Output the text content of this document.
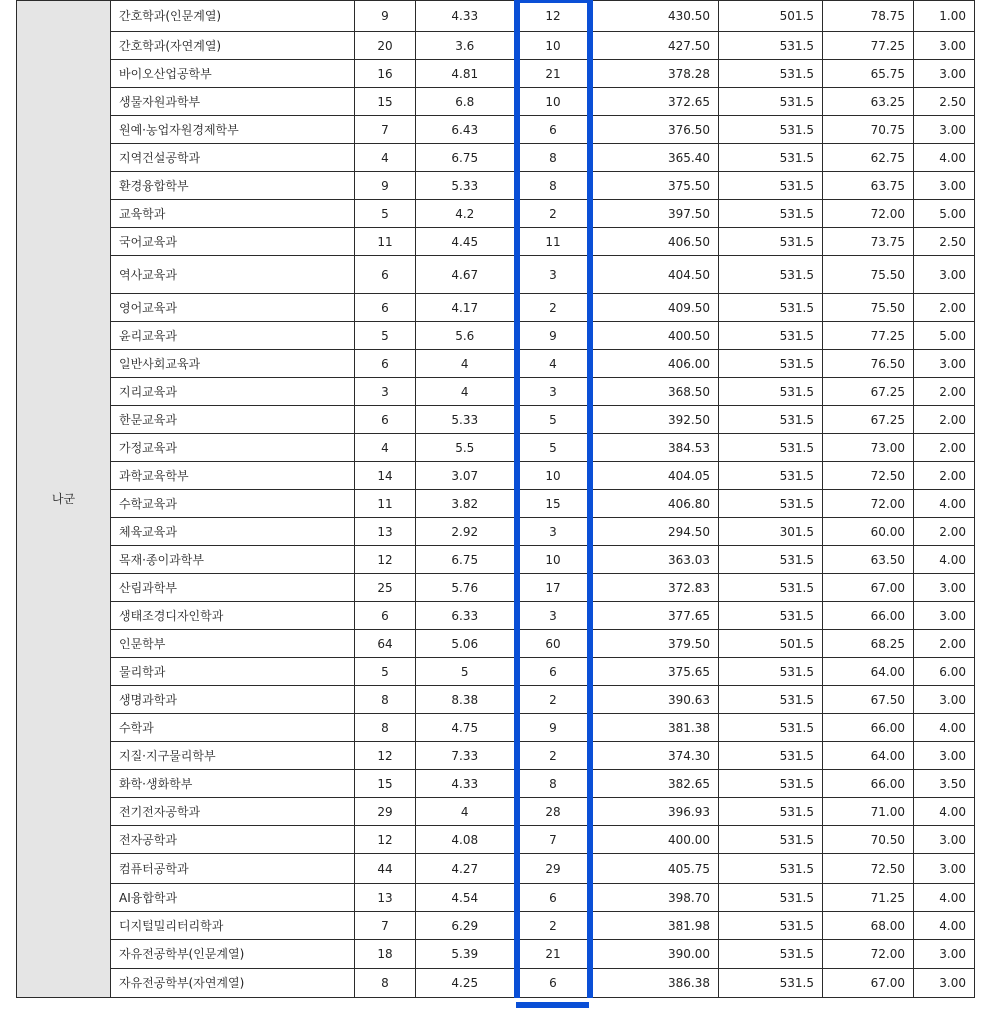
나군	간호학과(인문계열)	9	4.33	12	430.50	501.5	78.75	1.00
	간호학과(자연계열)	20	3.6	10	427.50	531.5	77.25	3.00
	바이오산업공학부	16	4.81	21	378.28	531.5	65.75	3.00
	생물자원과학부	15	6.8	10	372.65	531.5	63.25	2.50
	원예·농업자원경제학부	7	6.43	6	376.50	531.5	70.75	3.00
	지역건설공학과	4	6.75	8	365.40	531.5	62.75	4.00
	환경융합학부	9	5.33	8	375.50	531.5	63.75	3.00
	교육학과	5	4.2	2	397.50	531.5	72.00	5.00
	국어교육과	11	4.45	11	406.50	531.5	73.75	2.50
	역사교육과	6	4.67	3	404.50	531.5	75.50	3.00
	영어교육과	6	4.17	2	409.50	531.5	75.50	2.00
	윤리교육과	5	5.6	9	400.50	531.5	77.25	5.00
	일반사회교육과	6	4	4	406.00	531.5	76.50	3.00
	지리교육과	3	4	3	368.50	531.5	67.25	2.00
	한문교육과	6	5.33	5	392.50	531.5	67.25	2.00
	가정교육과	4	5.5	5	384.53	531.5	73.00	2.00
	과학교육학부	14	3.07	10	404.05	531.5	72.50	2.00
	수학교육과	11	3.82	15	406.80	531.5	72.00	4.00
	체육교육과	13	2.92	3	294.50	301.5	60.00	2.00
	목재·종이과학부	12	6.75	10	363.03	531.5	63.50	4.00
	산림과학부	25	5.76	17	372.83	531.5	67.00	3.00
	생태조경디자인학과	6	6.33	3	377.65	531.5	66.00	3.00
	인문학부	64	5.06	60	379.50	501.5	68.25	2.00
	물리학과	5	5	6	375.65	531.5	64.00	6.00
	생명과학과	8	8.38	2	390.63	531.5	67.50	3.00
	수학과	8	4.75	9	381.38	531.5	66.00	4.00
	지질·지구물리학부	12	7.33	2	374.30	531.5	64.00	3.00
	화학·생화학부	15	4.33	8	382.65	531.5	66.00	3.50
	전기전자공학과	29	4	28	396.93	531.5	71.00	4.00
	전자공학과	12	4.08	7	400.00	531.5	70.50	3.00
	컴퓨터공학과	44	4.27	29	405.75	531.5	72.50	3.00
	AI융합학과	13	4.54	6	398.70	531.5	71.25	4.00
	디지털밀리터리학과	7	6.29	2	381.98	531.5	68.00	4.00
	자유전공학부(인문계열)	18	5.39	21	390.00	531.5	72.00	3.00
	자유전공학부(자연계열)	8	4.25	6	386.38	531.5	67.00	3.00
